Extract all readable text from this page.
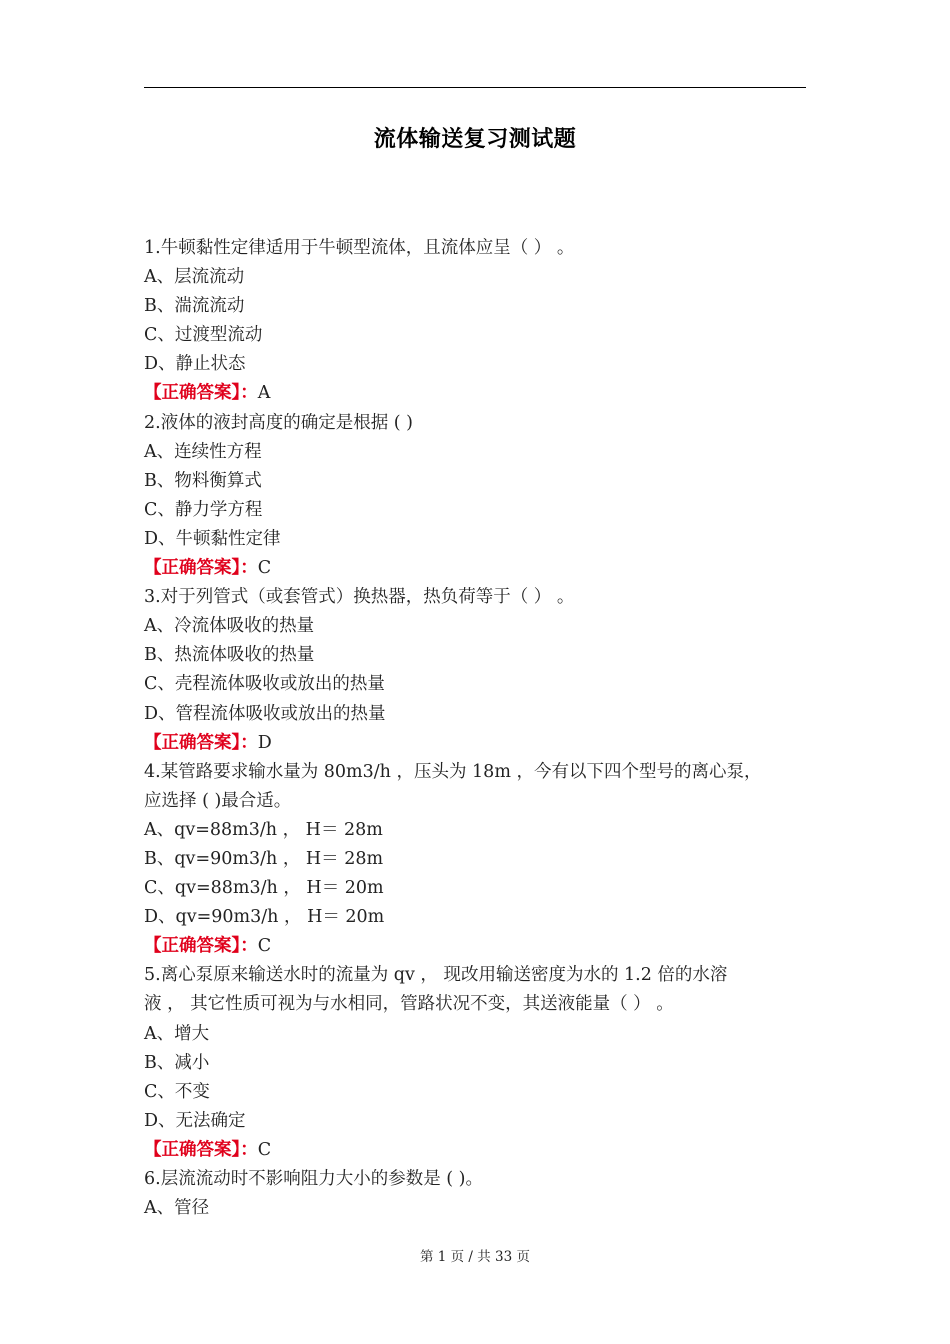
流体输送复习测试题
1.牛顿黏性定律适用于牛顿型流体，且流体应呈（ ） 。
A、层流流动
B、湍流流动
C、过渡型流动
D、静止状态
【正确答案】：A
2.液体的液封高度的确定是根据 ( )
A、连续性方程
B、物料衡算式
C、静力学方程
D、牛顿黏性定律
【正确答案】：C
3.对于列管式（或套管式）换热器，热负荷等于（ ） 。
A、冷流体吸收的热量
B、热流体吸收的热量
C、壳程流体吸收或放出的热量
D、管程流体吸收或放出的热量
【正确答案】：D
4.某管路要求输水量为 80m3/h ，压头为 18m ，今有以下四个型号的离心泵，
应选择 ( )最合适。
A、qv=88m3/h ， H＝ 28m
B、qv=90m3/h ， H＝ 28m
C、qv=88m3/h ， H＝ 20m
D、qv=90m3/h ， H＝ 20m
【正确答案】：C
5.离心泵原来输送水时的流量为 qv ， 现改用输送密度为水的 1.2 倍的水溶
液 ， 其它性质可视为与水相同，管路状况不变，其送液能量（ ） 。
A、增大
B、减小
C、不变
D、无法确定
【正确答案】：C
6.层流流动时不影响阻力大小的参数是 ( )。
A、管径
第 1 页 / 共 33 页
